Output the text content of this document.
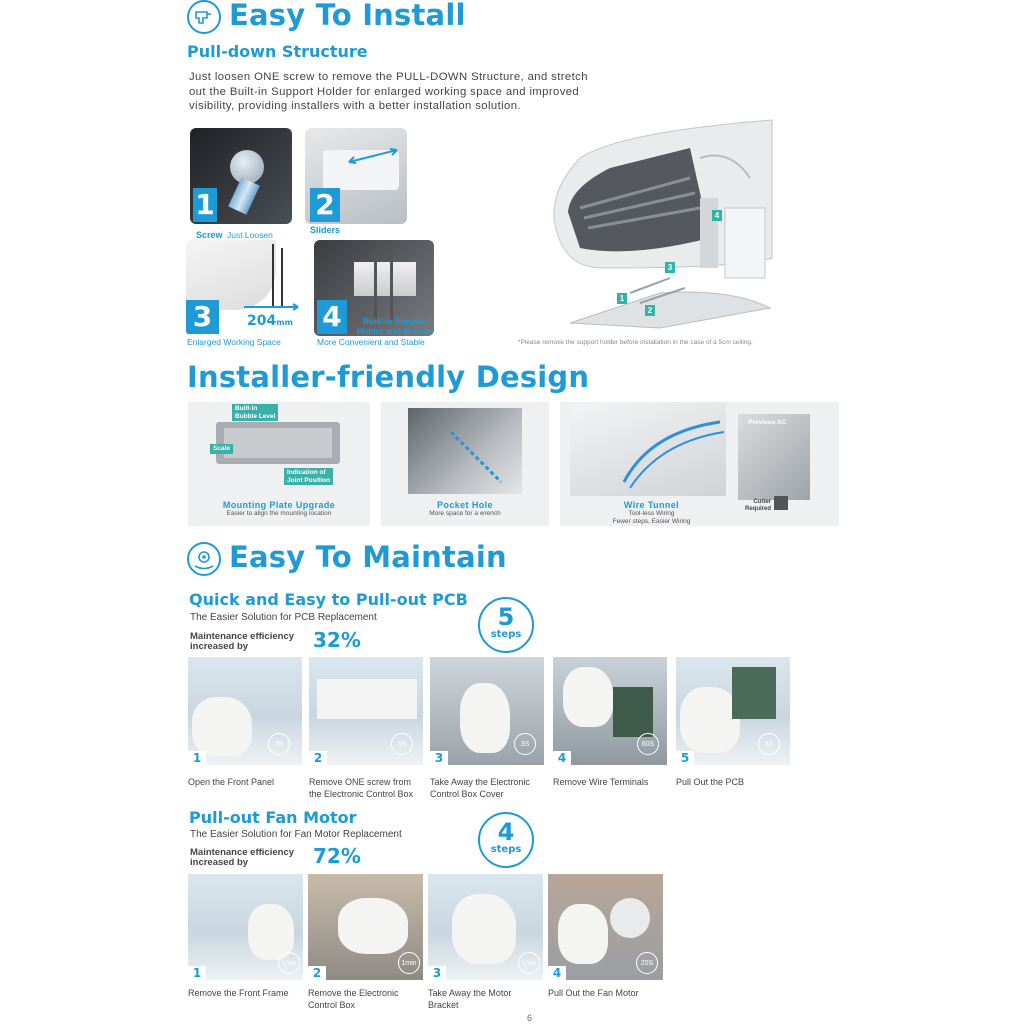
Easy To Install
Pull-down Structure
Just loosen ONE screw to remove the PULL-DOWN Structure, and stretch
out the Built-in Support Holder for enlarged working space and improved
visibility, providing installers with a better installation solution.
1
Screw Just Loosen
2
Sliders
3	204mm
Enlarged Working Space
4	Built-in Support
Holder and Groove
More Convenient and Stable
1
2
3
4
*Please remove the support holder before installation in the case of a 5cm ceiling.
Installer-friendly Design
Built-in
Bubble Level
Scale
Indication of
Joint Position
Mounting Plate Upgrade
Easier to align the mounting location
Pocket Hole
More space for a wrench
Previous AC
Cutter
Required
Wire Tunnel
Tool-less Wiring
Fewer steps, Easier Wiring
Easy To Maintain
Quick and Easy to Pull-out PCB
The Easier Solution for PCB Replacement
Maintenance efficiency
increased by	32%
5
steps
3S
1
5S
2
3S
3
60S
4
3S
5
Open the Front Panel	Remove ONE screw from
the Electronic Control Box
Take Away the Electronic
Control Box Cover
Remove Wire Terminals	Pull Out the PCB
Pull-out Fan Motor
The Easier Solution for Fan Motor Replacement
Maintenance efficiency
increased by	72%
4
steps
1min
1
1min
2
1min
3
20S
4
Remove the Front Frame Remove the Electronic
Control Box
Take Away the Motor
Bracket
Pull Out the Fan Motor
6
